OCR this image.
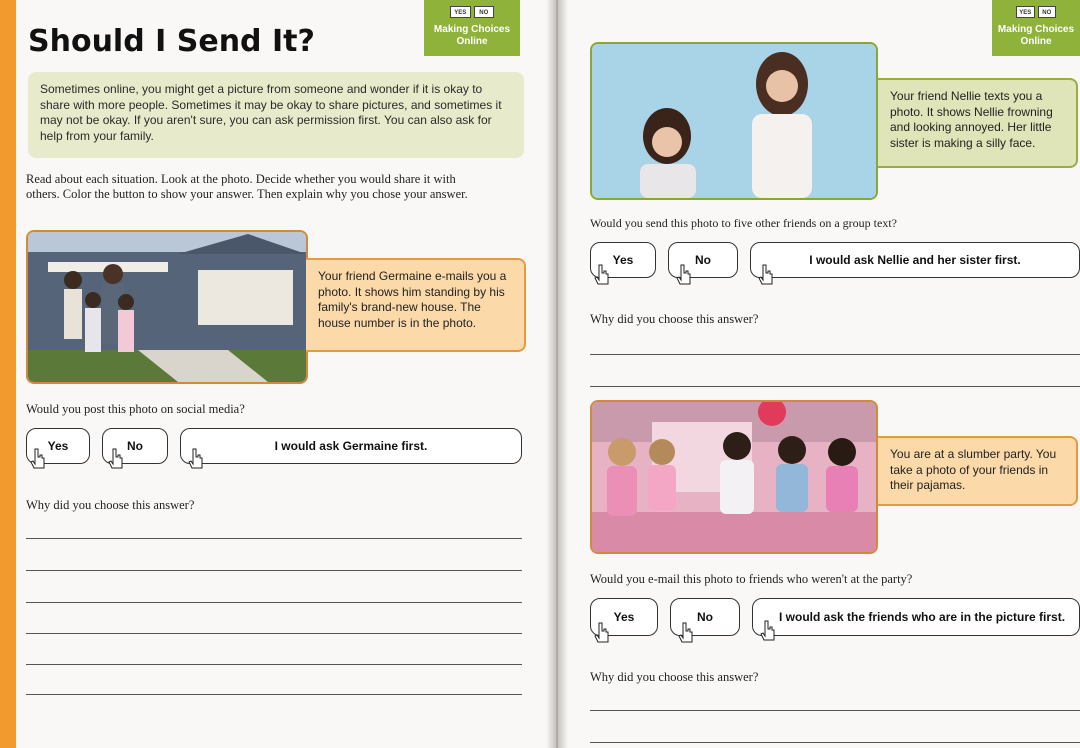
Should I Send It?
YES	NO
Making Choices Online
Sometimes online, you might get a picture from someone and wonder if it is okay to share with more people. Sometimes it may be okay to share pictures, and sometimes it may not be okay. If you aren't sure, you can ask permission first. You can also ask for help from your family.
Read about each situation. Look at the photo. Decide whether you would share it with others. Color the button to show your answer. Then explain why you chose your answer.
Your friend Germaine e-mails you a photo. It shows him standing by his family's brand-new house. The house number is in the photo.
Would you post this photo on social media?
Yes	No	I would ask Germaine first.
Why did you choose this answer?
YES	NO
Making Choices Online
Your friend Nellie texts you a photo. It shows Nellie frowning and looking annoyed. Her little sister is making a silly face.
Would you send this photo to five other friends on a group text?
Yes	No	I would ask Nellie and her sister first.
Why did you choose this answer?
You are at a slumber party. You take a photo of your friends in their pajamas.
Would you e-mail this photo to friends who weren't at the party?
Yes	No	I would ask the friends who are in the picture first.
Why did you choose this answer?
